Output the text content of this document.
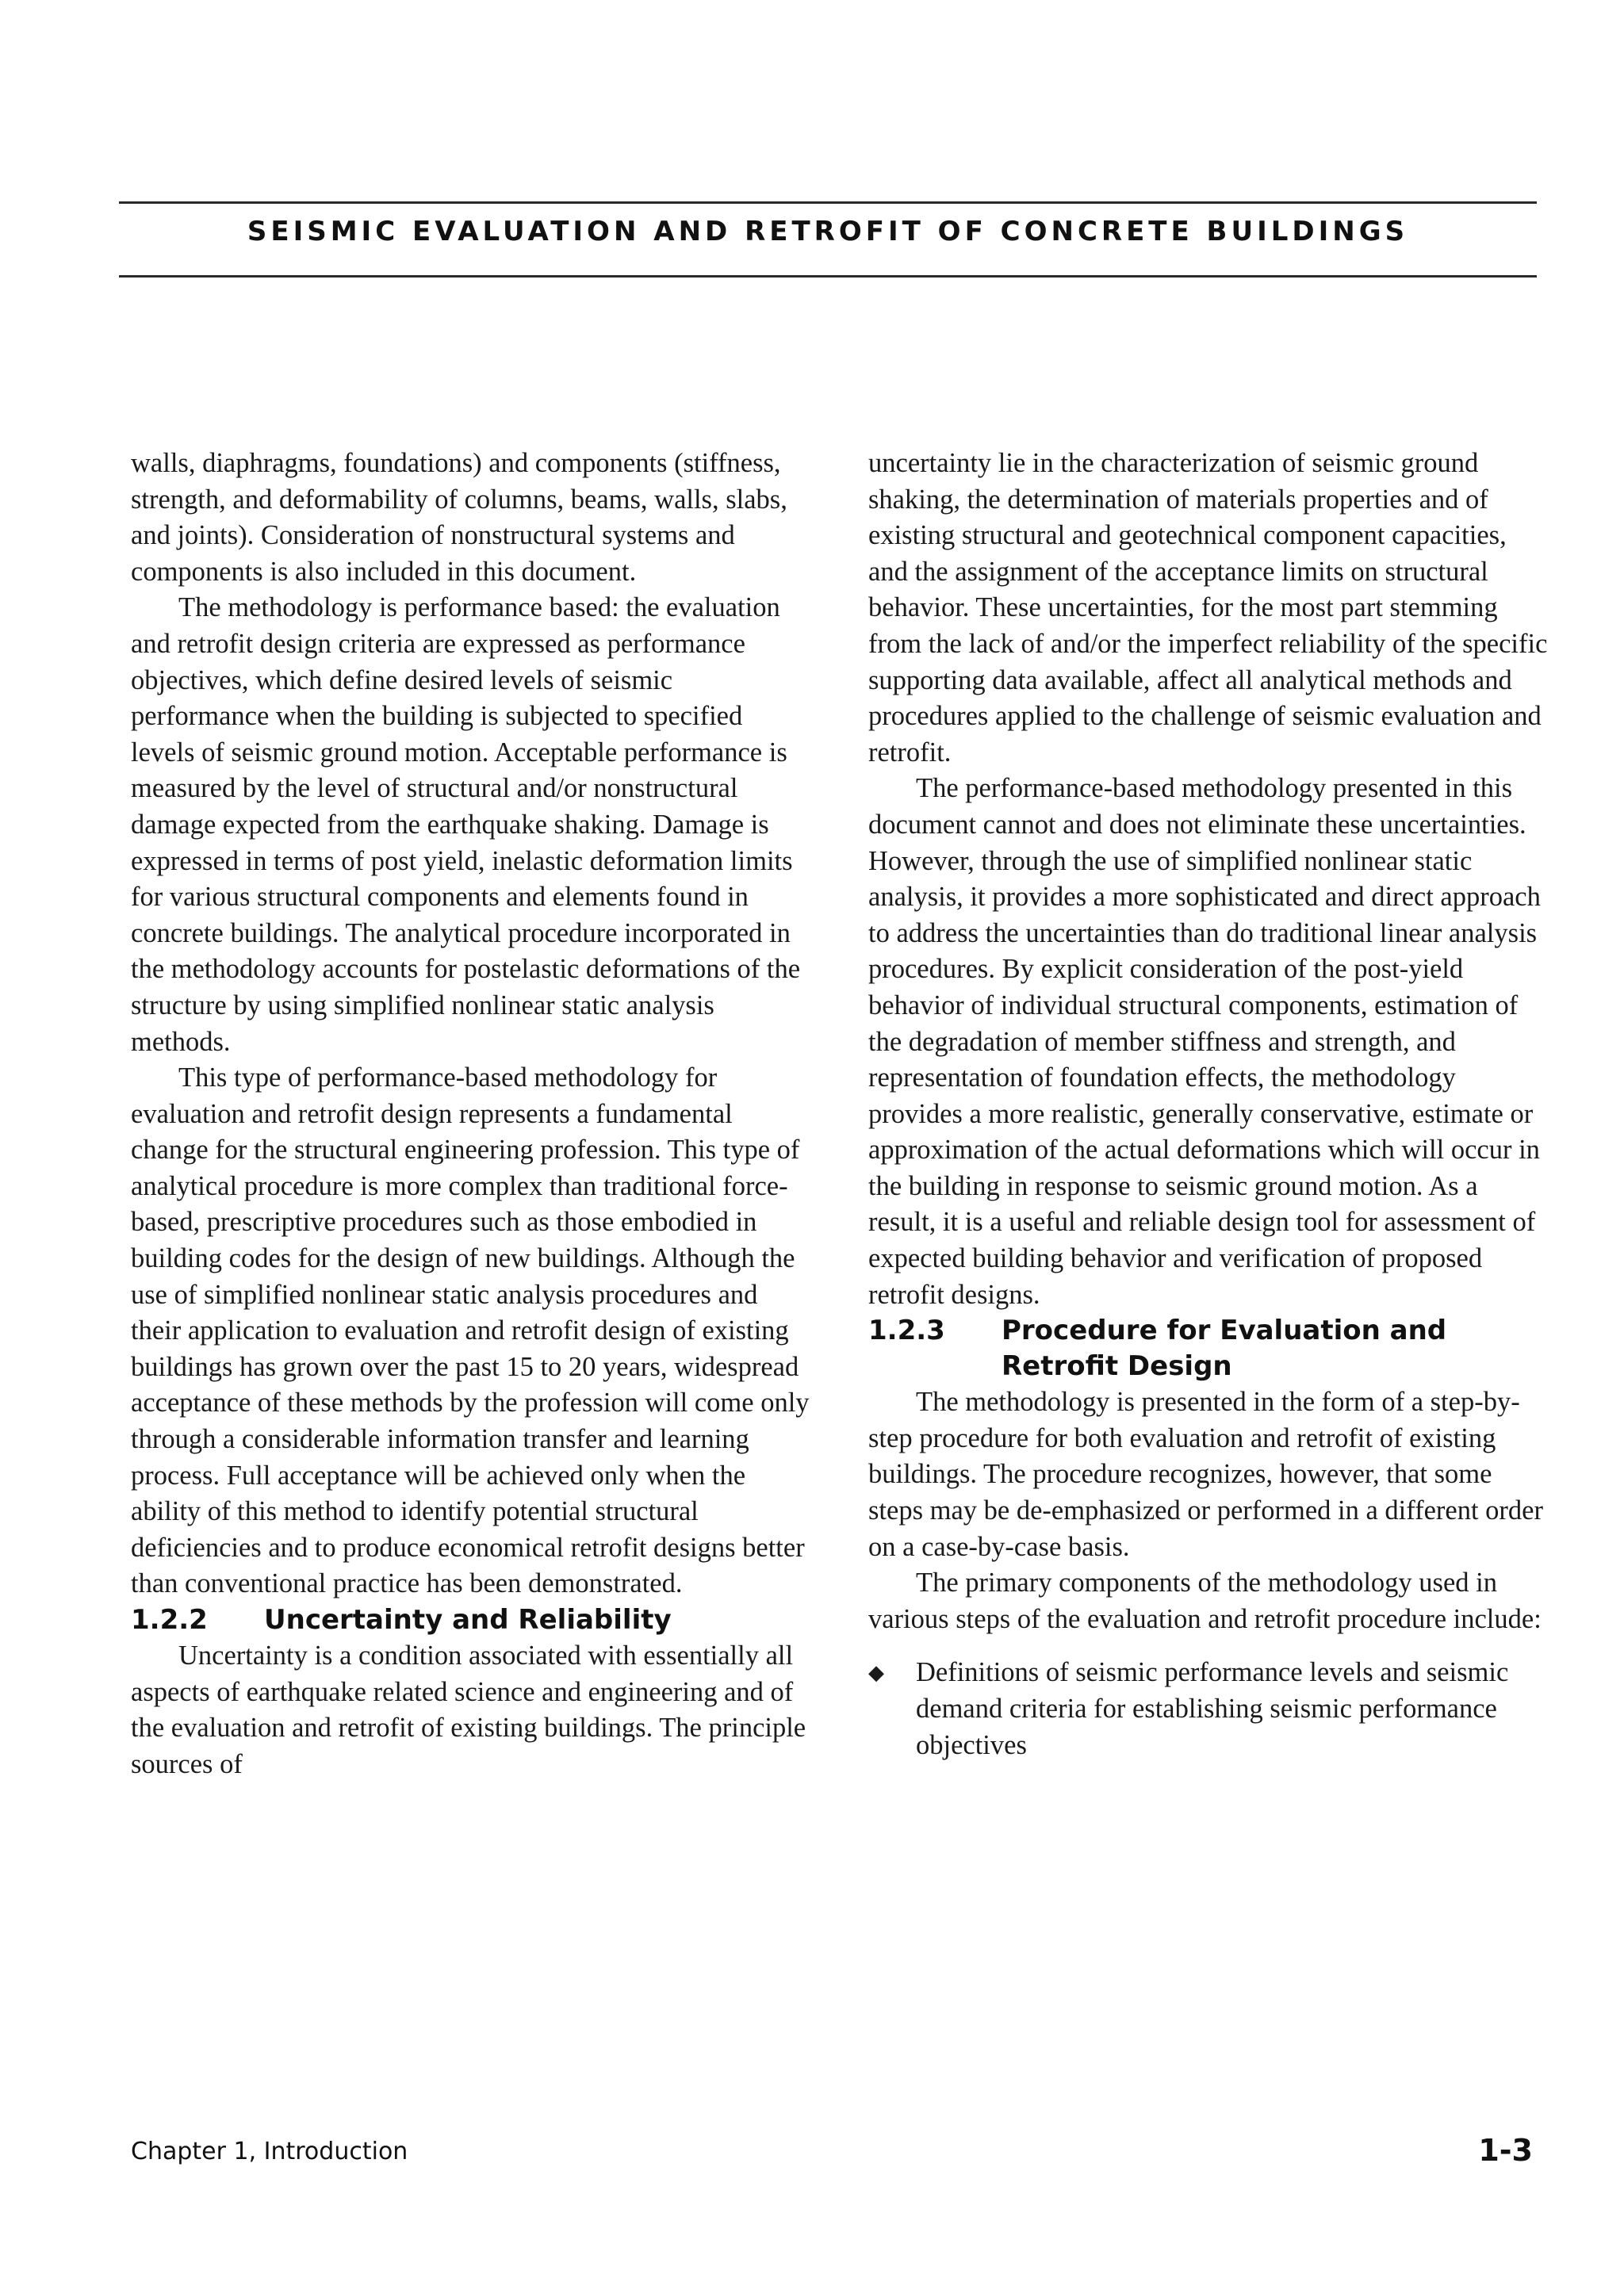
SEISMIC EVALUATION AND RETROFIT OF CONCRETE BUILDINGS

walls, diaphragms, foundations) and components (stiffness, strength, and deformability of columns, beams, walls, slabs, and joints). Consideration of nonstructural systems and components is also included in this document.

The methodology is performance based: the evaluation and retrofit design criteria are expressed as performance objectives, which define desired levels of seismic performance when the building is subjected to specified levels of seismic ground motion. Acceptable performance is measured by the level of structural and/or nonstructural damage expected from the earthquake shaking. Damage is expressed in terms of post yield, inelastic deformation limits for various structural components and elements found in concrete buildings. The analytical procedure incorporated in the methodology accounts for postelastic deformations of the structure by using simplified nonlinear static analysis methods.

This type of performance-based methodology for evaluation and retrofit design represents a fundamental change for the structural engineering profession. This type of analytical procedure is more complex than traditional force-based, prescriptive procedures such as those embodied in building codes for the design of new buildings. Although the use of simplified nonlinear static analysis procedures and their application to evaluation and retrofit design of existing buildings has grown over the past 15 to 20 years, widespread acceptance of these methods by the profession will come only through a considerable information transfer and learning process. Full acceptance will be achieved only when the ability of this method to identify potential structural deficiencies and to produce economical retrofit designs better than conventional practice has been demonstrated.

1.2.2	Uncertainty and Reliability

Uncertainty is a condition associated with essentially all aspects of earthquake related science and engineering and of the evaluation and retrofit of existing buildings. The principle sources of

uncertainty lie in the characterization of seismic ground shaking, the determination of materials properties and of existing structural and geotechnical component capacities, and the assignment of the acceptance limits on structural behavior. These uncertainties, for the most part stemming from the lack of and/or the imperfect reliability of the specific supporting data available, affect all analytical methods and procedures applied to the challenge of seismic evaluation and retrofit.

The performance-based methodology presented in this document cannot and does not eliminate these uncertainties. However, through the use of simplified nonlinear static analysis, it provides a more sophisticated and direct approach to address the uncertainties than do traditional linear analysis procedures. By explicit consideration of the post-yield behavior of individual structural components, estimation of the degradation of member stiffness and strength, and representation of foundation effects, the methodology provides a more realistic, generally conservative, estimate or approximation of the actual deformations which will occur in the building in response to seismic ground motion. As a result, it is a useful and reliable design tool for assessment of expected building behavior and verification of proposed retrofit designs.

1.2.3	Procedure for Evaluation and Retrofit Design

The methodology is presented in the form of a step-by-step procedure for both evaluation and retrofit of existing buildings. The procedure recognizes, however, that some steps may be de-emphasized or performed in a different order on a case-by-case basis.

The primary components of the methodology used in various steps of the evaluation and retrofit procedure include:

◆	Definitions of seismic performance levels and seismic demand criteria for establishing seismic performance objectives
Chapter 1, Introduction	1-3
